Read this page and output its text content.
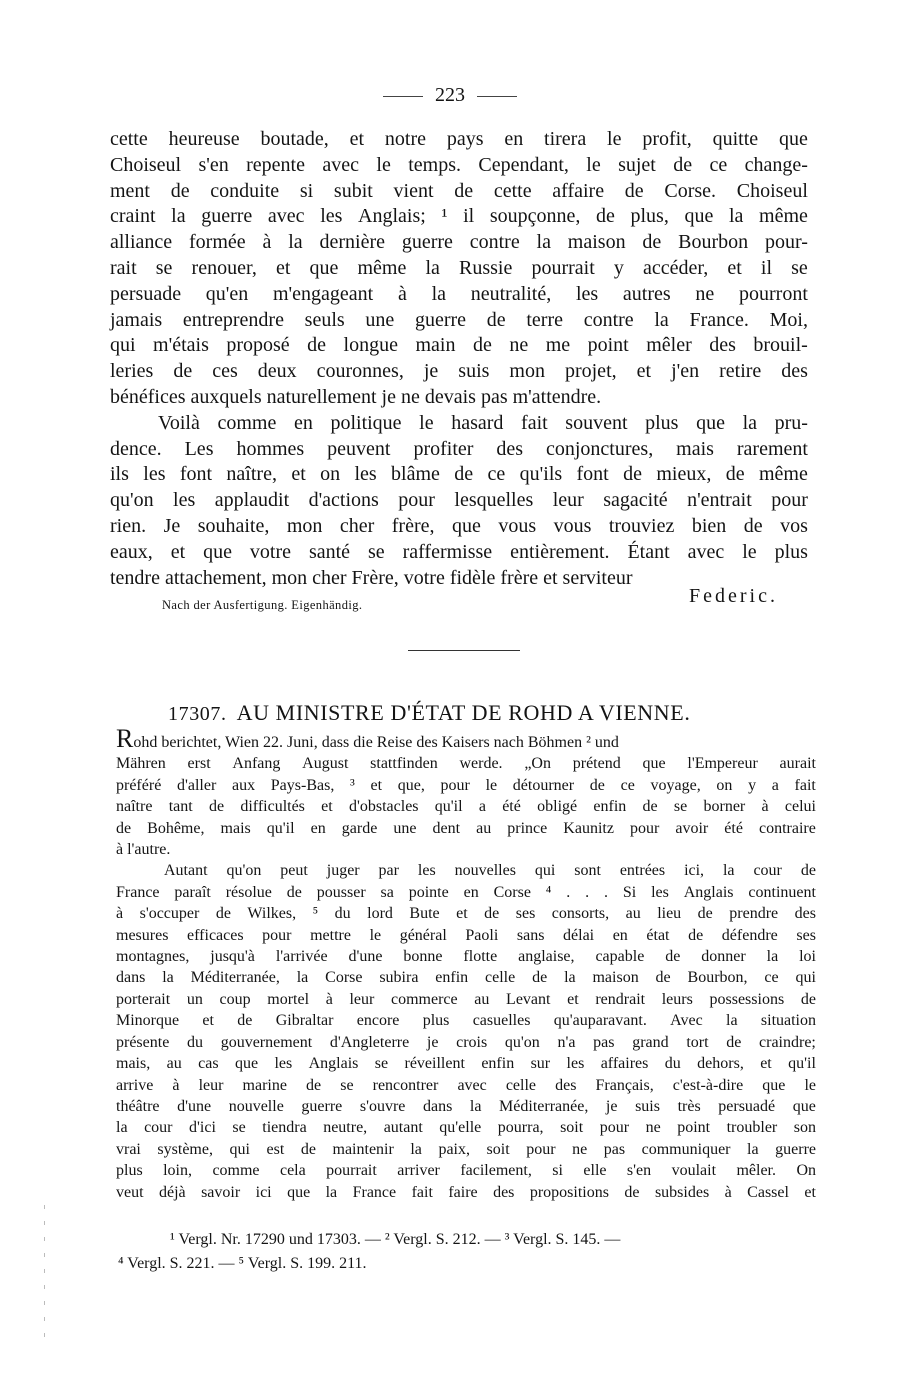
223
cette heureuse boutade, et notre pays en tirera le profit, quitte que
Choiseul s'en repente avec le temps. Cependant, le sujet de ce change-
ment de conduite si subit vient de cette affaire de Corse. Choiseul
craint la guerre avec les Anglais; ¹ il soupçonne, de plus, que la même
alliance formée à la dernière guerre contre la maison de Bourbon pour-
rait se renouer, et que même la Russie pourrait y accéder, et il se
persuade qu'en m'engageant à la neutralité, les autres ne pourront
jamais entreprendre seuls une guerre de terre contre la France. Moi,
qui m'étais proposé de longue main de ne me point mêler des brouil-
leries de ces deux couronnes, je suis mon projet, et j'en retire des
bénéfices auxquels naturellement je ne devais pas m'attendre.
Voilà comme en politique le hasard fait souvent plus que la pru-
dence. Les hommes peuvent profiter des conjonctures, mais rarement
ils les font naître, et on les blâme de ce qu'ils font de mieux, de même
qu'on les applaudit d'actions pour lesquelles leur sagacité n'entrait pour
rien. Je souhaite, mon cher frère, que vous vous trouviez bien de vos
eaux, et que votre santé se raffermisse entièrement. Étant avec le plus
tendre attachement, mon cher Frère, votre fidèle frère et serviteur
Federic.
Nach der Ausfertigung. Eigenhändig.
17307. AU MINISTRE D'ÉTAT DE ROHD A VIENNE.
Rohd berichtet, Wien 22. Juni, dass die Reise des Kaisers nach Böhmen ² und
Mähren erst Anfang August stattfinden werde. „On prétend que l'Empereur aurait
préféré d'aller aux Pays-Bas, ³ et que, pour le détourner de ce voyage, on y a fait
naître tant de difficultés et d'obstacles qu'il a été obligé enfin de se borner à celui
de Bohême, mais qu'il en garde une dent au prince Kaunitz pour avoir été contraire
à l'autre.
Autant qu'on peut juger par les nouvelles qui sont entrées ici, la cour de
France paraît résolue de pousser sa pointe en Corse ⁴ . . . Si les Anglais continuent
à s'occuper de Wilkes, ⁵ du lord Bute et de ses consorts, au lieu de prendre des
mesures efficaces pour mettre le général Paoli sans délai en état de défendre ses
montagnes, jusqu'à l'arrivée d'une bonne flotte anglaise, capable de donner la loi
dans la Méditerranée, la Corse subira enfin celle de la maison de Bourbon, ce qui
porterait un coup mortel à leur commerce au Levant et rendrait leurs possessions de
Minorque et de Gibraltar encore plus casuelles qu'auparavant. Avec la situation
présente du gouvernement d'Angleterre je crois qu'on n'a pas grand tort de craindre;
mais, au cas que les Anglais se réveillent enfin sur les affaires du dehors, et qu'il
arrive à leur marine de se rencontrer avec celle des Français, c'est-à-dire que le
théâtre d'une nouvelle guerre s'ouvre dans la Méditerranée, je suis très persuadé que
la cour d'ici se tiendra neutre, autant qu'elle pourra, soit pour ne point troubler son
vrai système, qui est de maintenir la paix, soit pour ne pas communiquer la guerre
plus loin, comme cela pourrait arriver facilement, si elle s'en voulait mêler. On
veut déjà savoir ici que la France fait faire des propositions de subsides à Cassel et
¹ Vergl. Nr. 17290 und 17303. — ² Vergl. S. 212. — ³ Vergl. S. 145. —
⁴ Vergl. S. 221. — ⁵ Vergl. S. 199. 211.
